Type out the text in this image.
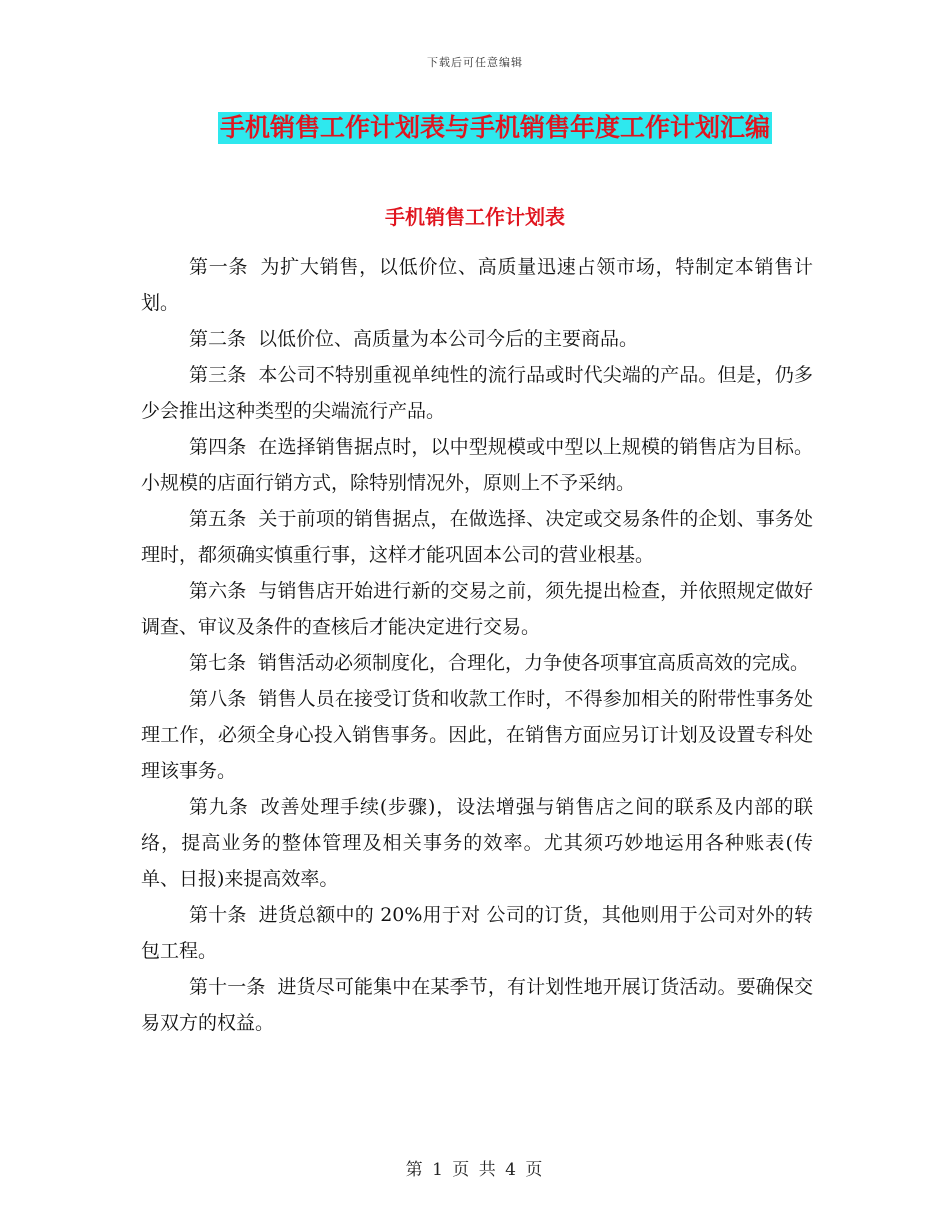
下载后可任意编辑
手机销售工作计划表与手机销售年度工作计划汇编
手机销售工作计划表

第一条 为扩大销售，以低价位、高质量迅速占领市场，特制定本销售计划。

第二条 以低价位、高质量为本公司今后的主要商品。

第三条 本公司不特别重视单纯性的流行品或时代尖端的产品。但是，仍多少会推出这种类型的尖端流行产品。

第四条 在选择销售据点时，以中型规模或中型以上规模的销售店为目标。小规模的店面行销方式，除特别情况外，原则上不予采纳。

第五条 关于前项的销售据点，在做选择、决定或交易条件的企划、事务处理时，都须确实慎重行事，这样才能巩固本公司的营业根基。

第六条 与销售店开始进行新的交易之前，须先提出检查，并依照规定做好调查、审议及条件的查核后才能决定进行交易。

第七条 销售活动必须制度化，合理化，力争使各项事宜高质高效的完成。

第八条 销售人员在接受订货和收款工作时，不得参加相关的附带性事务处理工作，必须全身心投入销售事务。因此，在销售方面应另订计划及设置专科处理该事务。

第九条 改善处理手续(步骤)，设法增强与销售店之间的联系及内部的联络，提高业务的整体管理及相关事务的效率。尤其须巧妙地运用各种账表(传单、日报)来提高效率。

第十条 进货总额中的 20%用于对 公司的订货，其他则用于公司对外的转包工程。

第十一条 进货尽可能集中在某季节，有计划性地开展订货活动。要确保交易双方的权益。

第 1 页 共 4 页
